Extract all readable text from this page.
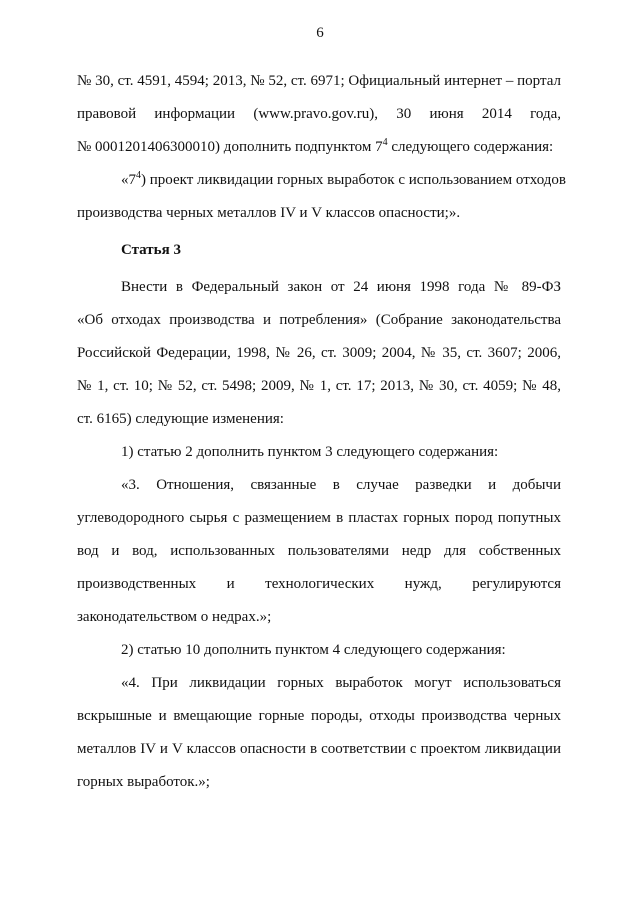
6
№ 30, ст. 4591, 4594; 2013, № 52, ст. 6971; Официальный интернет – портал
правовой информации (www.pravo.gov.ru), 30 июня 2014 года,
№ 0001201406300010) дополнить подпунктом $7^4$ следующего содержания:
«$7^4$) проект ликвидации горных выработок с использованием отходов
производства черных металлов IV и V классов опасности;».
Статья 3
Внести в Федеральный закон от 24 июня 1998 года № 89-ФЗ
«Об отходах производства и потребления» (Собрание законодательства
Российской Федерации, 1998, № 26, ст. 3009; 2004, № 35, ст. 3607; 2006,
№ 1, ст. 10; № 52, ст. 5498; 2009, № 1, ст. 17; 2013, № 30, ст. 4059; № 48,
ст. 6165) следующие изменения:
1) статью 2 дополнить пунктом 3 следующего содержания:
«3. Отношения, связанные в случае разведки и добычи
углеводородного сырья с размещением в пластах горных пород попутных
вод и вод, использованных пользователями недр для собственных
производственных и технологических нужд, регулируются
законодательством о недрах.»;
2) статью 10 дополнить пунктом 4 следующего содержания:
«4. При ликвидации горных выработок могут использоваться
вскрышные и вмещающие горные породы, отходы производства черных
металлов IV и V классов опасности в соответствии с проектом ликвидации
горных выработок.»;
